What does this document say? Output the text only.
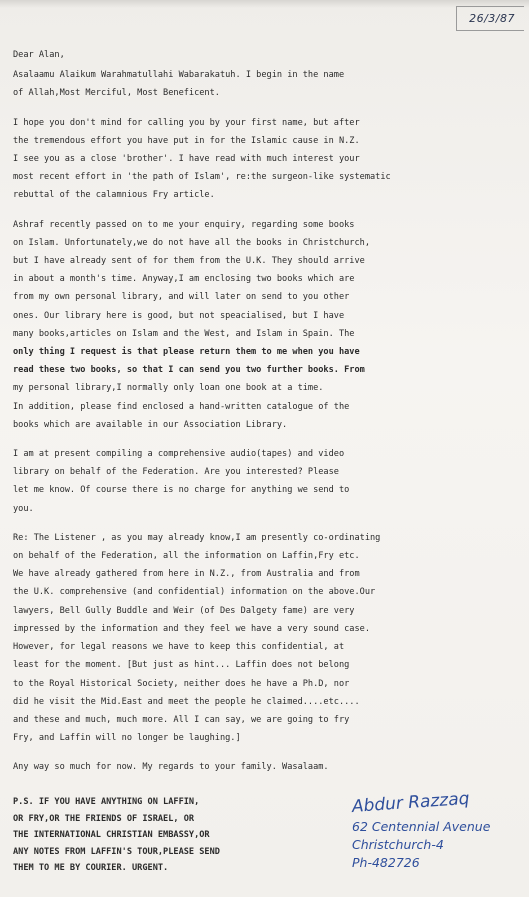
26/3/87
Dear Alan,
Asalaamu Alaikum Warahmatullahi Wabarakatuh. I begin in the name
of Allah,Most Merciful, Most Beneficent.
I hope you don't mind for calling you by your first name, but after
the tremendous effort you have put in for the Islamic cause in N.Z.
I see you as a close 'brother'. I have read with much interest your
most recent effort in 'the path of Islam', re:the surgeon-like systematic
rebuttal of the calamnious Fry article.
Ashraf recently passed on to me your enquiry, regarding some books
on Islam. Unfortunately,we do not have all the books in Christchurch,
but I have already sent of for them from the U.K. They should arrive
in about a month's time. Anyway,I am enclosing two books which are
from my own personal library, and will later on send to you other
ones. Our library here is good, but not speacialised, but I have
many books,articles on Islam and the West, and Islam in Spain. The
only thing I request is that please return them to me when you have
read these two books, so that I can send you two further books. From
my personal library,I normally only loan one book at a time.
In addition, please find enclosed a hand-written catalogue of the
books which are available in our Association Library.
I am at present compiling a comprehensive audio(tapes) and video
library on behalf of the Federation. Are you interested? Please
let me know. Of course there is no charge for anything we send to
you.
Re: The Listener , as you may already know,I am presently co-ordinating
on behalf of the Federation, all the information on Laffin,Fry etc.
We have already gathered from here in N.Z., from Australia and from
the U.K. comprehensive (and confidential) information on the above.Our
lawyers, Bell Gully Buddle and Weir (of Des Dalgety fame) are very
impressed by the information and they feel we have a very sound case.
However, for legal reasons we have to keep this confidential, at
least for the moment. [But just as hint... Laffin does not belong
to the Royal Historical Society, neither does he have a Ph.D, nor
did he visit the Mid.East and meet the people he claimed....etc....
and these and much, much more. All I can say, we are going to fry
Fry, and Laffin will no longer be laughing.]
Any way so much for now. My regards to your family. Wasalaam.
P.S. IF YOU HAVE ANYTHING ON LAFFIN,
OR FRY,OR THE FRIENDS OF ISRAEL, OR
THE INTERNATIONAL CHRISTIAN EMBASSY,OR
ANY NOTES FROM LAFFIN'S TOUR,PLEASE SEND
THEM TO ME BY COURIER. URGENT.
Abdur Razzaq
62 Centennial Avenue
Christchurch-4
Ph-482726
